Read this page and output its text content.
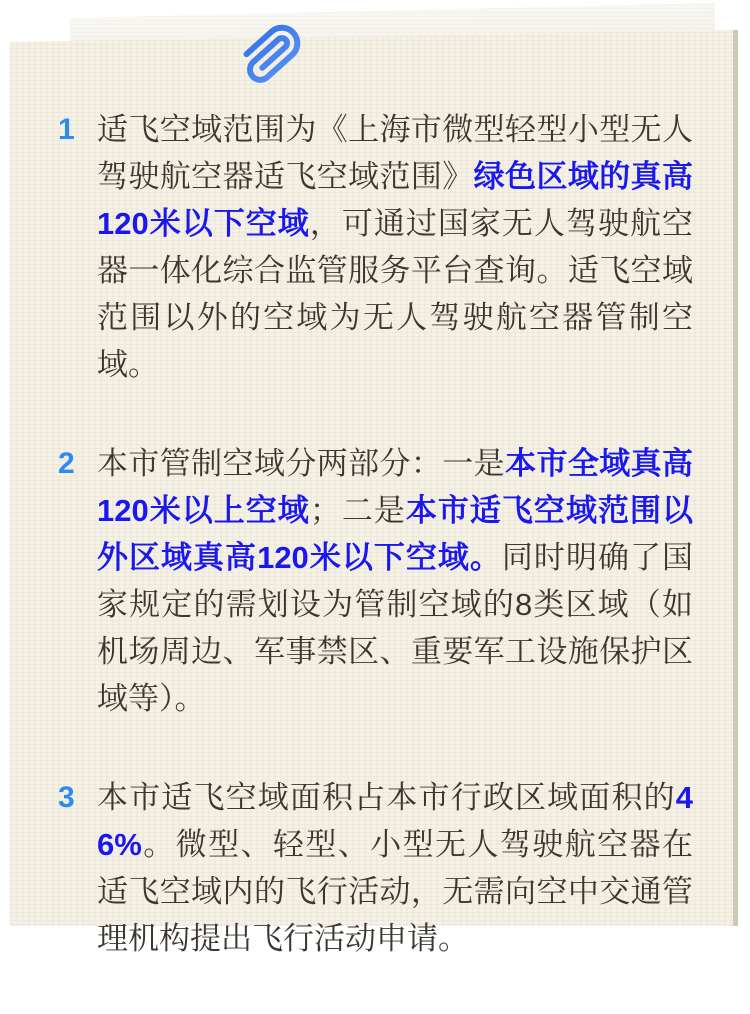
1 适飞空域范围为《上海市微型轻型小型无人驾驶航空器适飞空域范围》绿色区域的真高120米以下空域，可通过国家无人驾驶航空器一体化综合监管服务平台查询。适飞空域范围以外的空域为无人驾驶航空器管制空域。

2 本市管制空域分两部分：一是本市全域真高120米以上空域；二是本市适飞空域范围以外区域真高120米以下空域。同时明确了国家规定的需划设为管制空域的8类区域（如机场周边、军事禁区、重要军工设施保护区域等）。

3 本市适飞空域面积占本市行政区域面积的46%。微型、轻型、小型无人驾驶航空器在适飞空域内的飞行活动，无需向空中交通管理机构提出飞行活动申请。
